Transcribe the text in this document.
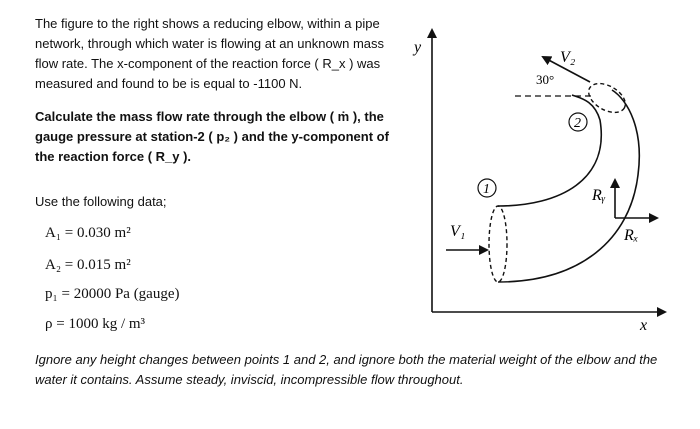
The figure to the right shows a reducing elbow, within a pipe network, through which water is flowing at an unknown mass flow rate. The x-component of the reaction force ( R_x ) was measured and found to be is equal to -1100 N.
Calculate the mass flow rate through the elbow ( ṁ ), the gauge pressure at station-2 ( p₂ ) and the y-component of the reaction force ( R_y ).
Use the following data;
A₁ = 0.030 m²
A₂ = 0.015 m²
p₁ = 20000 Pa (gauge)
ρ = 1000 kg / m³
Ignore any height changes between points 1 and 2, and ignore both the material weight of the elbow and the water it contains. Assume steady, inviscid, incompressible flow throughout.
y
x
V₂
30°
2
1
V₁
Rᵧ
Rₓ
